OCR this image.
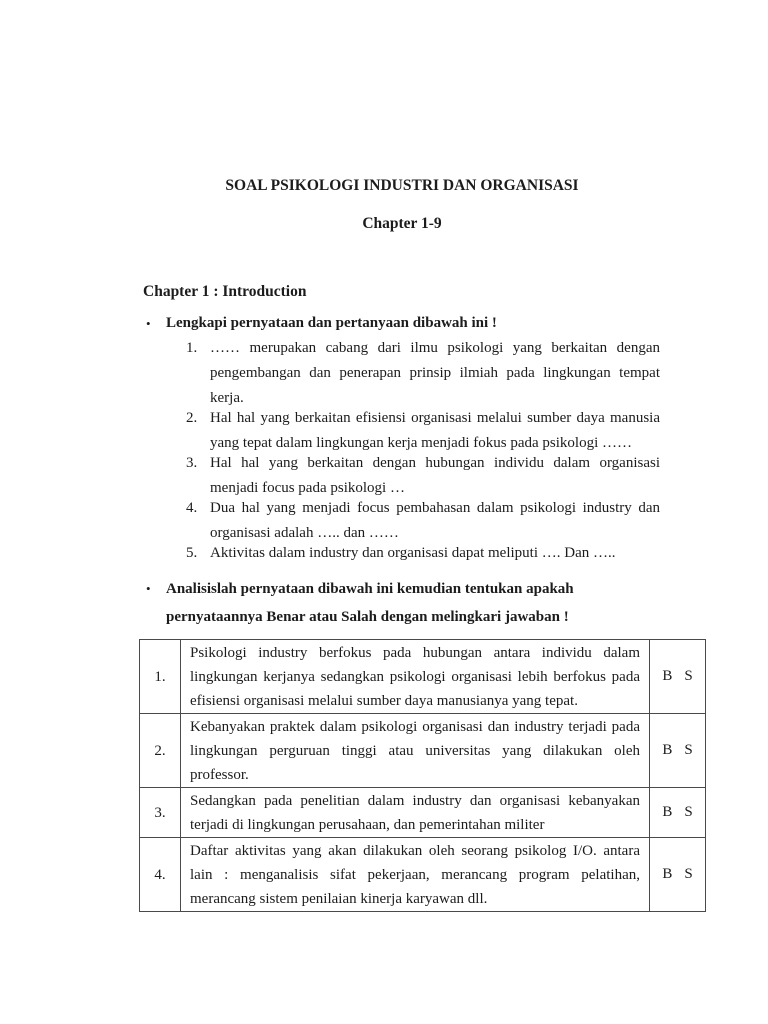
SOAL PSIKOLOGI INDUSTRI DAN ORGANISASI
Chapter 1-9
Chapter 1 : Introduction
•	Lengkapi pernyataan dan pertanyaan dibawah ini !
1. …… merupakan cabang dari ilmu psikologi yang berkaitan dengan pengembangan dan penerapan prinsip ilmiah pada lingkungan tempat kerja.
2. Hal hal yang berkaitan efisiensi organisasi melalui sumber daya manusia yang tepat dalam lingkungan kerja menjadi fokus pada psikologi ……
3. Hal hal yang berkaitan dengan hubungan individu dalam organisasi menjadi focus pada psikologi …
4. Dua hal yang menjadi focus pembahasan dalam psikologi industry dan organisasi adalah ….. dan ……
5. Aktivitas dalam industry dan organisasi dapat meliputi …. Dan …..
•	Analisislah pernyataan dibawah ini kemudian tentukan apakah pernyataannya Benar atau Salah dengan melingkari jawaban !
1.	Psikologi industry berfokus pada hubungan antara individu dalam lingkungan kerjanya sedangkan psikologi organisasi lebih berfokus pada efisiensi organisasi melalui sumber daya manusianya yang tepat.	B S
2.	Kebanyakan praktek dalam psikologi organisasi dan industry terjadi pada lingkungan perguruan tinggi atau universitas yang dilakukan oleh professor.	B S
3.	Sedangkan pada penelitian dalam industry dan organisasi kebanyakan terjadi di lingkungan perusahaan, dan pemerintahan militer	B S
4.	Daftar aktivitas yang akan dilakukan oleh seorang psikolog I/O. antara lain : menganalisis sifat pekerjaan, merancang program pelatihan, merancang sistem penilaian kinerja karyawan dll.	B S
